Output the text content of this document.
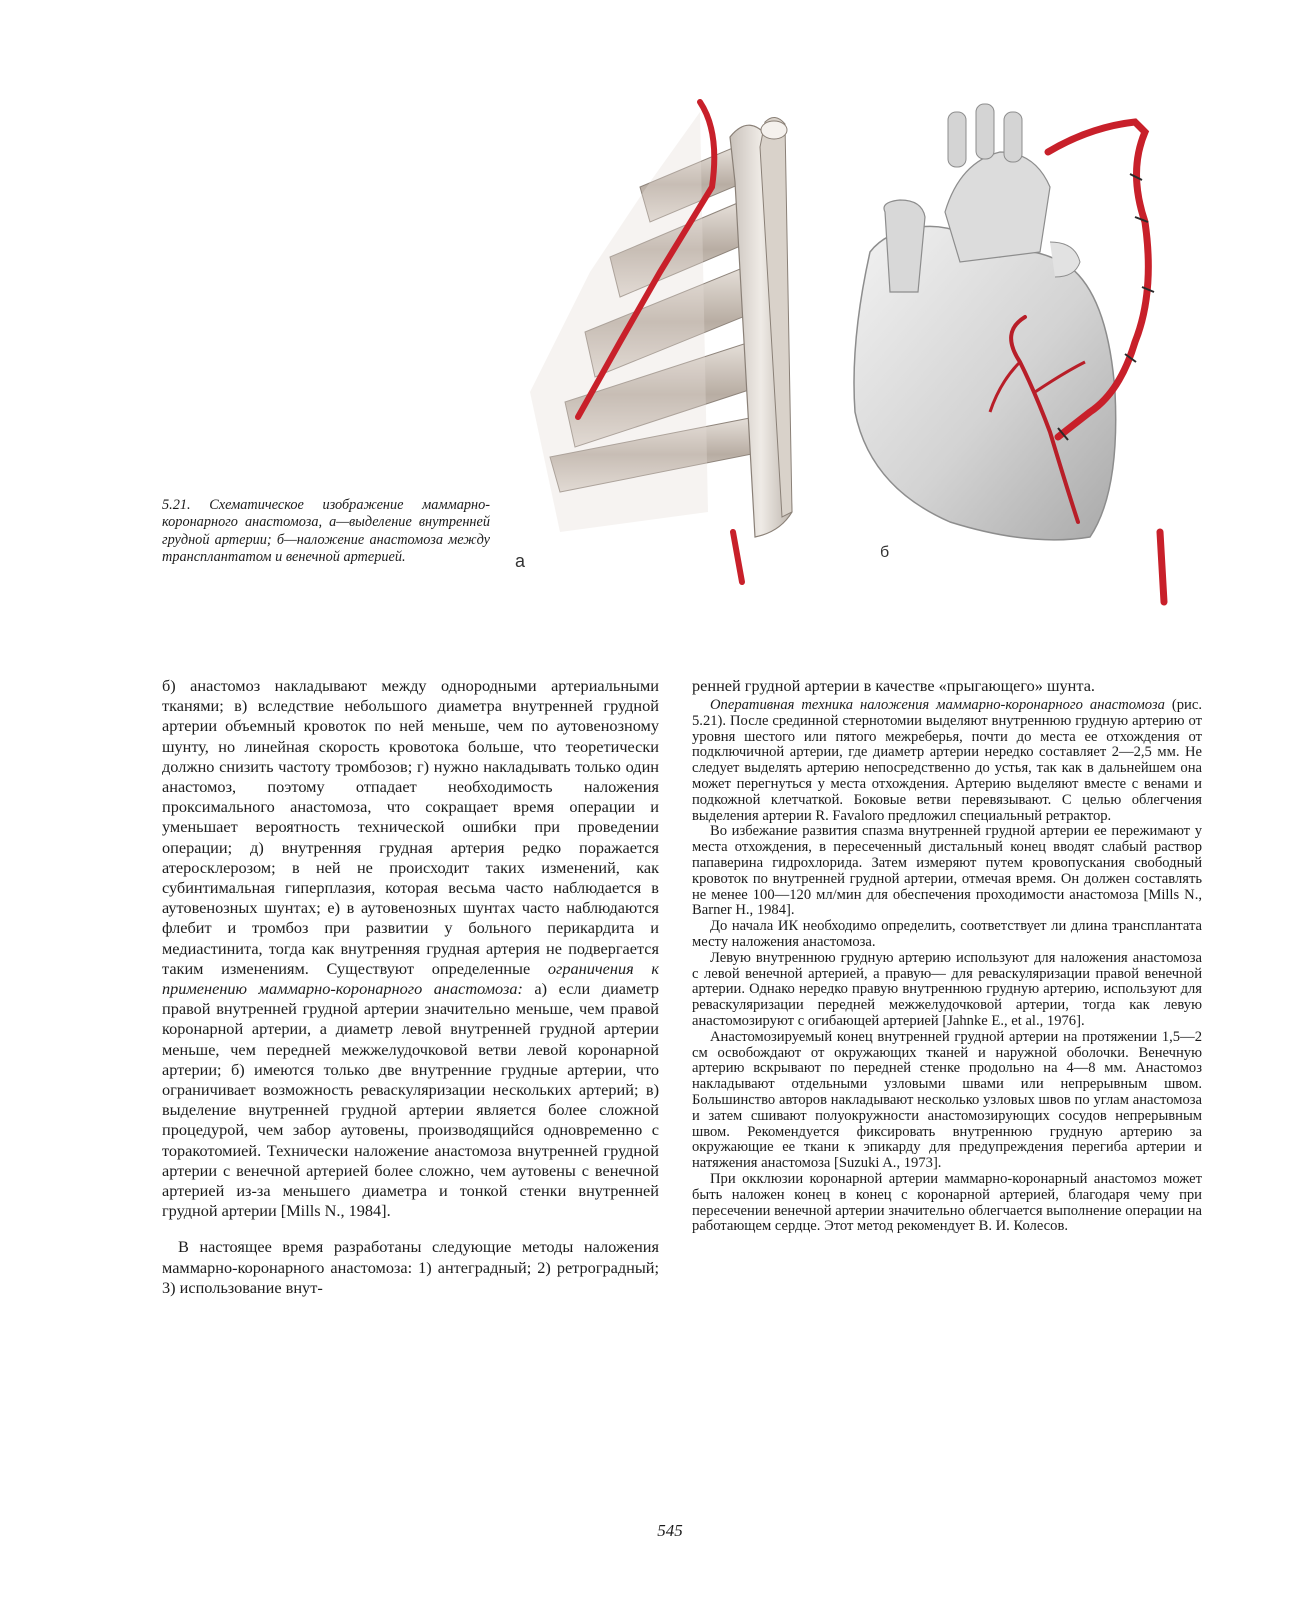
а	б
5.21. Схематическое изображение маммарно-коронарного анастомоза, а—выделение внутренней грудной артерии; б—наложение анастомоза между трансплантатом и венечной артерией.

б) анастомоз накладывают между однородными артериальными тканями; в) вследствие небольшого диаметра внутренней грудной артерии объемный кровоток по ней меньше, чем по аутовенозному шунту, но линейная скорость кровотока больше, что теоретически должно снизить частоту тромбозов; г) нужно накладывать только один анастомоз, поэтому отпадает необходимость наложения проксимального анастомоза, что сокращает время операции и уменьшает вероятность технической ошибки при проведении операции; д) внутренняя грудная артерия редко поражается атеросклерозом; в ней не происходит таких изменений, как субинтимальная гиперплазия, которая весьма часто наблюдается в аутовенозных шунтах; е) в аутовенозных шунтах часто наблюдаются флебит и тромбоз при развитии у больного перикардита и медиастинита, тогда как внутренняя грудная артерия не подвергается таким изменениям. Существуют определенные ограничения к применению маммарно-коронарного анастомоза: а) если диаметр правой внутренней грудной артерии значительно меньше, чем правой коронарной артерии, а диаметр левой внутренней грудной артерии меньше, чем передней межжелудочковой ветви левой коронарной артерии; б) имеются только две внутренние грудные артерии, что ограничивает возможность реваскуляризации нескольких артерий; в) выделение внутренней грудной артерии является более сложной процедурой, чем забор аутовены, производящийся одновременно с торакотомией. Технически наложение анастомоза внутренней грудной артерии с венечной артерией более сложно, чем аутовены с венечной артерией из-за меньшего диаметра и тонкой стенки внутренней грудной артерии [Mills N., 1984].

В настоящее время разработаны следующие методы наложения маммарно-коронарного анастомоза: 1) антеградный; 2) ретроградный; 3) использование внут-

ренней грудной артерии в качестве «прыгающего» шунта.

Оперативная техника наложения маммарно-коронарного анастомоза (рис. 5.21). После срединной стернотомии выделяют внутреннюю грудную артерию от уровня шестого или пятого межреберья, почти до места ее отхождения от подключичной артерии, где диаметр артерии нередко составляет 2—2,5 мм. Не следует выделять артерию непосредственно до устья, так как в дальнейшем она может перегнуться у места отхождения. Артерию выделяют вместе с венами и подкожной клетчаткой. Боковые ветви перевязывают. С целью облегчения выделения артерии R. Favaloro предложил специальный ретрактор.

Во избежание развития спазма внутренней грудной артерии ее пережимают у места отхождения, в пересеченный дистальный конец вводят слабый раствор папаверина гидрохлорида. Затем измеряют путем кровопускания свободный кровоток по внутренней грудной артерии, отмечая время. Он должен составлять не менее 100—120 мл/мин для обеспечения проходимости анастомоза [Mills N., Barner H., 1984].

До начала ИК необходимо определить, соответствует ли длина трансплантата месту наложения анастомоза.

Левую внутреннюю грудную артерию используют для наложения анастомоза с левой венечной артерией, а правую— для реваскуляризации правой венечной артерии. Однако нередко правую внутреннюю грудную артерию, используют для реваскуляризации передней межжелудочковой артерии, тогда как левую анастомозируют с огибающей артерией [Jahnke E., et al., 1976].

Анастомозируемый конец внутренней грудной артерии на протяжении 1,5—2 см освобождают от окружающих тканей и наружной оболочки. Венечную артерию вскрывают по передней стенке продольно на 4—8 мм. Анастомоз накладывают отдельными узловыми швами или непрерывным швом. Большинство авторов накладывают несколько узловых швов по углам анастомоза и затем сшивают полуокружности анастомозирующих сосудов непрерывным швом. Рекомендуется фиксировать внутреннюю грудную артерию за окружающие ее ткани к эпикарду для предупреждения перегиба артерии и натяжения анастомоза [Suzuki A., 1973].

При окклюзии коронарной артерии маммарно-коронарный анастомоз может быть наложен конец в конец с коронарной артерией, благодаря чему при пересечении венечной артерии значительно облегчается выполнение операции на работающем сердце. Этот метод рекомендует В. И. Колесов.

545
